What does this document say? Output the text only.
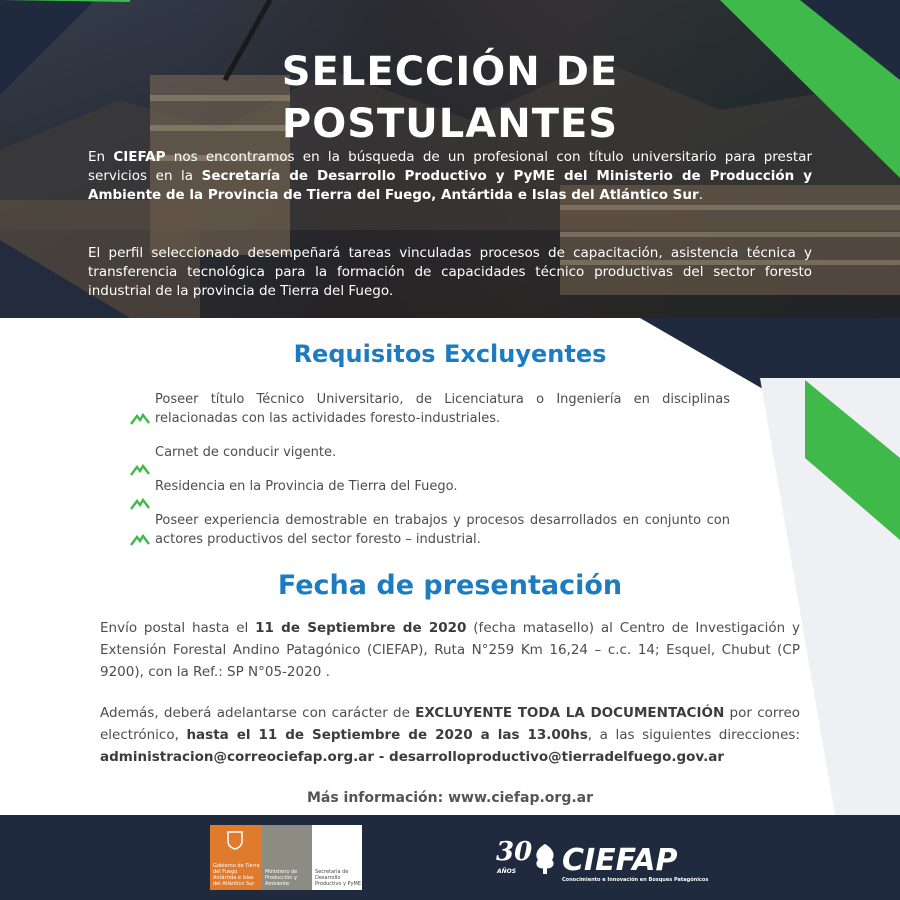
SELECCIÓN DE
POSTULANTES
En CIEFAP nos encontramos en la búsqueda de un profesional con título universitario para prestar servicios en la Secretaría de Desarrollo Productivo y PyME del Ministerio de Producción y Ambiente de la Provincia de Tierra del Fuego, Antártida e Islas del Atlántico Sur.
El perfil seleccionado desempeñará tareas vinculadas procesos de capacitación, asistencia técnica y transferencia tecnológica para la formación de capacidades técnico productivas del sector foresto industrial de la provincia de Tierra del Fuego.
Requisitos Excluyentes
Poseer título Técnico Universitario, de Licenciatura o Ingeniería en disciplinas relacionadas con las actividades foresto-industriales.
Carnet de conducir vigente.
Residencia en la Provincia de Tierra del Fuego.
Poseer experiencia demostrable en trabajos y procesos desarrollados en conjunto con actores productivos del sector foresto – industrial.
Fecha de presentación
Envío postal hasta el 11 de Septiembre de 2020 (fecha matasello) al Centro de Investigación y Extensión Forestal Andino Patagónico (CIEFAP), Ruta N°259 Km 16,24 – c.c. 14; Esquel, Chubut (CP 9200), con la Ref.: SP N°05-2020 .
Además, deberá adelantarse con carácter de EXCLUYENTE TODA LA DOCUMENTACIÓN por correo electrónico, hasta el 11 de Septiembre de 2020 a las 13.00hs, a las siguientes direcciones: administracion@correociefap.org.ar - desarrolloproductivo@tierradelfuego.gov.ar
Más información: www.ciefap.org.ar
Gobierno de Tierra del Fuego Antártida e Islas del Atlántico Sur
Ministerio de Producción y Ambiente
Secretaría de Desarrollo Productivo y PyME
30
AÑOS CIEFAP
Conocimiento e Innovación en Bosques Patagónicos
